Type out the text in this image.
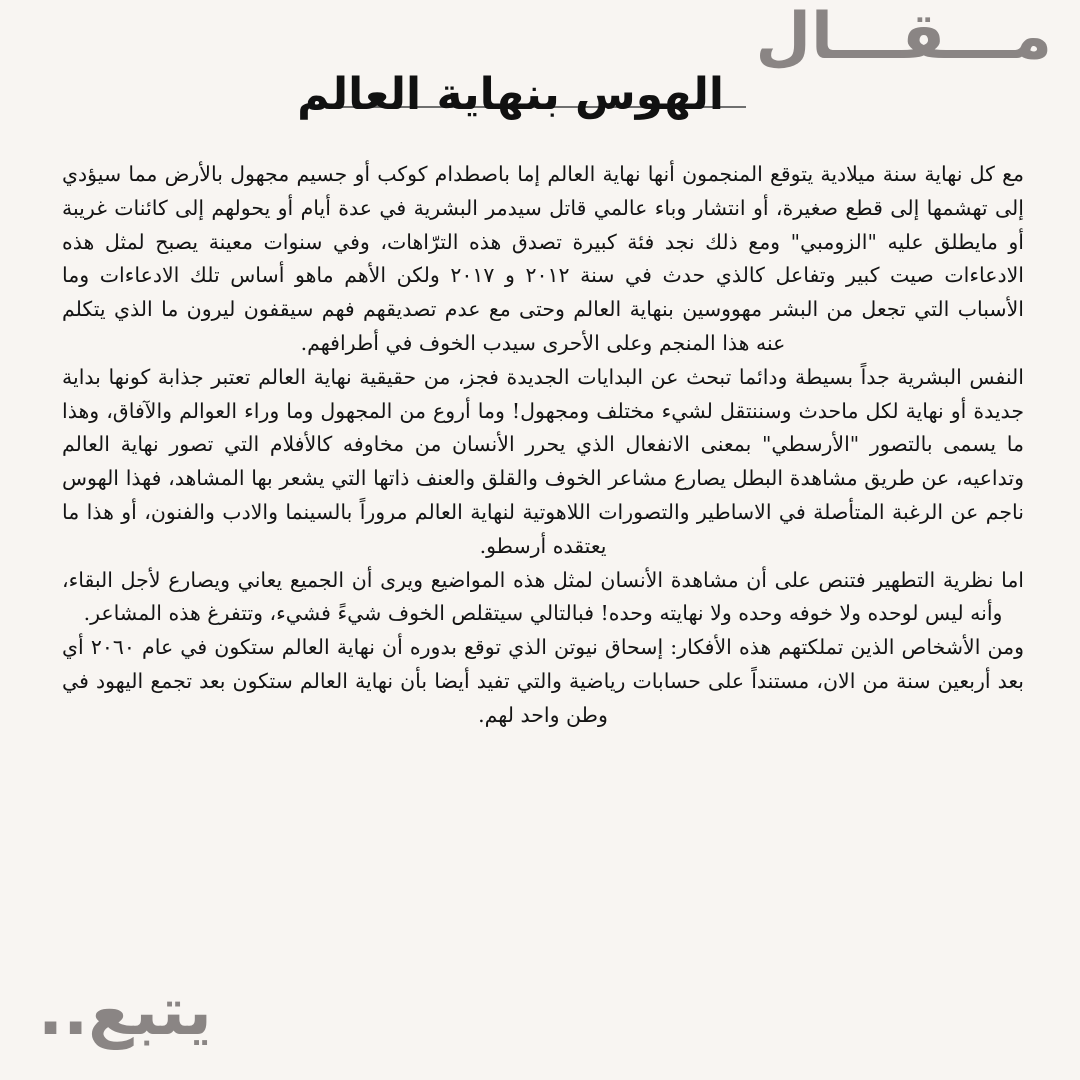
مـــقـــال
الهوس بنهاية العالم

مع كل نهاية سنة ميلادية يتوقع المنجمون أنها نهاية العالم إما باصطدام كوكب أو جسيم مجهول بالأرض مما سيؤدي إلى تهشمها إلى قطع صغيرة، أو انتشار وباء عالمي قاتل سيدمر البشرية في عدة أيام أو يحولهم إلى كائنات غريبة أو مايطلق عليه "الزومبي" ومع ذلك نجد فئة كبيرة تصدق هذه الترّاهات، وفي سنوات معينة يصبح لمثل هذه الادعاءات صيت كبير وتفاعل كالذي حدث في سنة ٢٠١٢ و ٢٠١٧ ولكن الأهم ماهو أساس تلك الادعاءات وما الأسباب التي تجعل من البشر مهووسين بنهاية العالم وحتى مع عدم تصديقهم فهم سيقفون ليرون ما الذي يتكلم عنه هذا المنجم وعلى الأحرى سيدب الخوف في أطرافهم.

النفس البشرية جداً بسيطة ودائما تبحث عن البدايات الجديدة فجز، من حقيقية نهاية العالم تعتبر جذابة كونها بداية جديدة أو نهاية لكل ماحدث وسننتقل لشيء مختلف ومجهول! وما أروع من المجهول وما وراء العوالم والآفاق، وهذا ما يسمى بالتصور "الأرسطي" بمعنى الانفعال الذي يحرر الأنسان من مخاوفه كالأفلام التي تصور نهاية العالم وتداعيه، عن طريق مشاهدة البطل يصارع مشاعر الخوف والقلق والعنف ذاتها التي يشعر بها المشاهد، فهذا الهوس ناجم عن الرغبة المتأصلة في الاساطير والتصورات اللاهوتية لنهاية العالم مروراً بالسينما والادب والفنون، أو هذا ما يعتقده أرسطو.

اما نظرية التطهير فتنص على أن مشاهدة الأنسان لمثل هذه المواضيع ويرى أن الجميع يعاني ويصارع لأجل البقاء، وأنه ليس لوحده ولا خوفه وحده ولا نهايته وحده! فبالتالي سيتقلص الخوف شيءً فشيء، وتتفرغ هذه المشاعر.

ومن الأشخاص الذين تملكتهم هذه الأفكار: إسحاق نيوتن الذي توقع بدوره أن نهاية العالم ستكون في عام ٢٠٦٠ أي بعد أربعين سنة من الان، مستنداً على حسابات رياضية والتي تفيد أيضا بأن نهاية العالم ستكون بعد تجمع اليهود في وطن واحد لهم.

يتبع..
